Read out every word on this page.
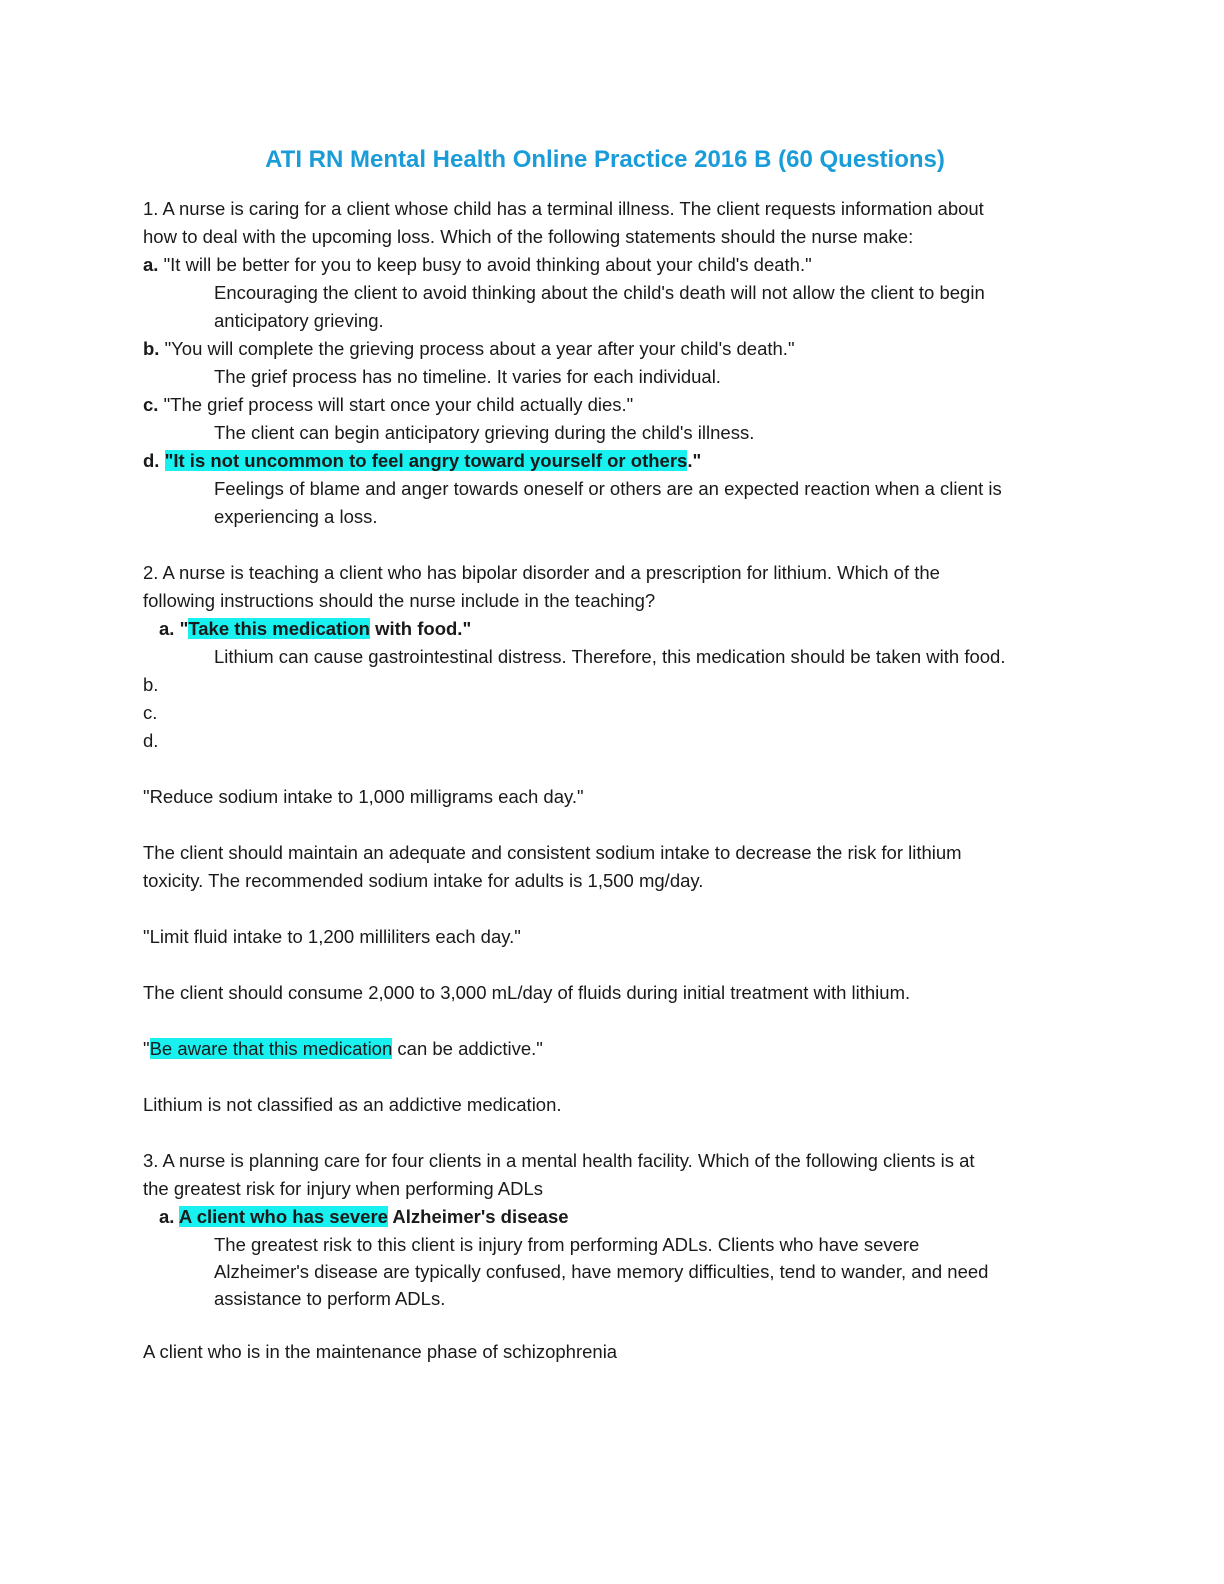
ATI RN Mental Health Online Practice 2016 B (60 Questions)
1. A nurse is caring for a client whose child has a terminal illness. The client requests information about
how to deal with the upcoming loss. Which of the following statements should the nurse make:
a. "It will be better for you to keep busy to avoid thinking about your child's death."
Encouraging the client to avoid thinking about the child's death will not allow the client to begin
anticipatory grieving.
b. "You will complete the grieving process about a year after your child's death."
The grief process has no timeline. It varies for each individual.
c. "The grief process will start once your child actually dies."
The client can begin anticipatory grieving during the child's illness.
d. "It is not uncommon to feel angry toward yourself or others."
Feelings of blame and anger towards oneself or others are an expected reaction when a client is
experiencing a loss.
2. A nurse is teaching a client who has bipolar disorder and a prescription for lithium. Which of the
following instructions should the nurse include in the teaching?
a. "Take this medication with food."
Lithium can cause gastrointestinal distress. Therefore, this medication should be taken with food.
b.
c.
d.
"Reduce sodium intake to 1,000 milligrams each day."
The client should maintain an adequate and consistent sodium intake to decrease the risk for lithium
toxicity. The recommended sodium intake for adults is 1,500 mg/day.
"Limit fluid intake to 1,200 milliliters each day."
The client should consume 2,000 to 3,000 mL/day of fluids during initial treatment with lithium.
"Be aware that this medication can be addictive."
Lithium is not classified as an addictive medication.
3. A nurse is planning care for four clients in a mental health facility. Which of the following clients is at
the greatest risk for injury when performing ADLs
a. A client who has severe Alzheimer's disease
The greatest risk to this client is injury from performing ADLs. Clients who have severe
Alzheimer's disease are typically confused, have memory difficulties, tend to wander, and need
assistance to perform ADLs.
A client who is in the maintenance phase of schizophrenia
